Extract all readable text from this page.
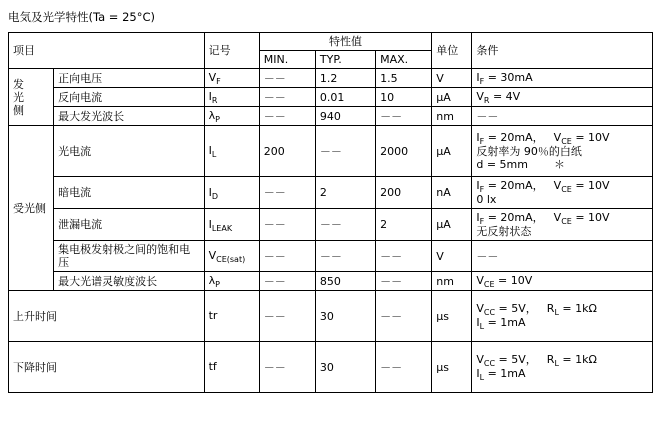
电気及光学特性(Ta = 25°C)
项目		记号	特性值			单位	条件
			MIN.	TYP.	MAX.		

发
光
侧	正向电压	$V_F$	－－	1.2	1.5	V	$I_F = 30mA$

	反向电流	$I_R$	－－	0.01	10	µA	$V_R = 4V$

	最大发光波长	$\lambda_P$	－－	940	－－	nm	－－
受光侧	光电流	$I_L$	200	－－	2000	µA	$I_F = 20mA$， $V_{CE} = 10V$
反射率为 90％的白纸
d = 5mm ＊

	暗电流	$I_D$	－－	2	200	nA	$I_F = 20mA$， $V_{CE} = 10V$
0 lx

	泄漏电流	$I_{LEAK}$	－－	－－	2	µA	$I_F = 20mA$， $V_{CE} = 10V$
无反射状态

	集电极发射极之间的饱和电压	$V_{CE(sat)}$	－－	－－	－－	V	－－
	最大光谱灵敏度波长	$\lambda_P$	－－	850	－－	nm	$V_{CE} = 10V$

上升时间		tr	－－	30	－－	µs	$V_{CC} = 5V$， $R_L = 1k\Omega$
$I_L = 1mA$

下降时间		tf	－－	30	－－	µs	$V_{CC} = 5V$， $R_L = 1k\Omega$
$I_L = 1mA$
